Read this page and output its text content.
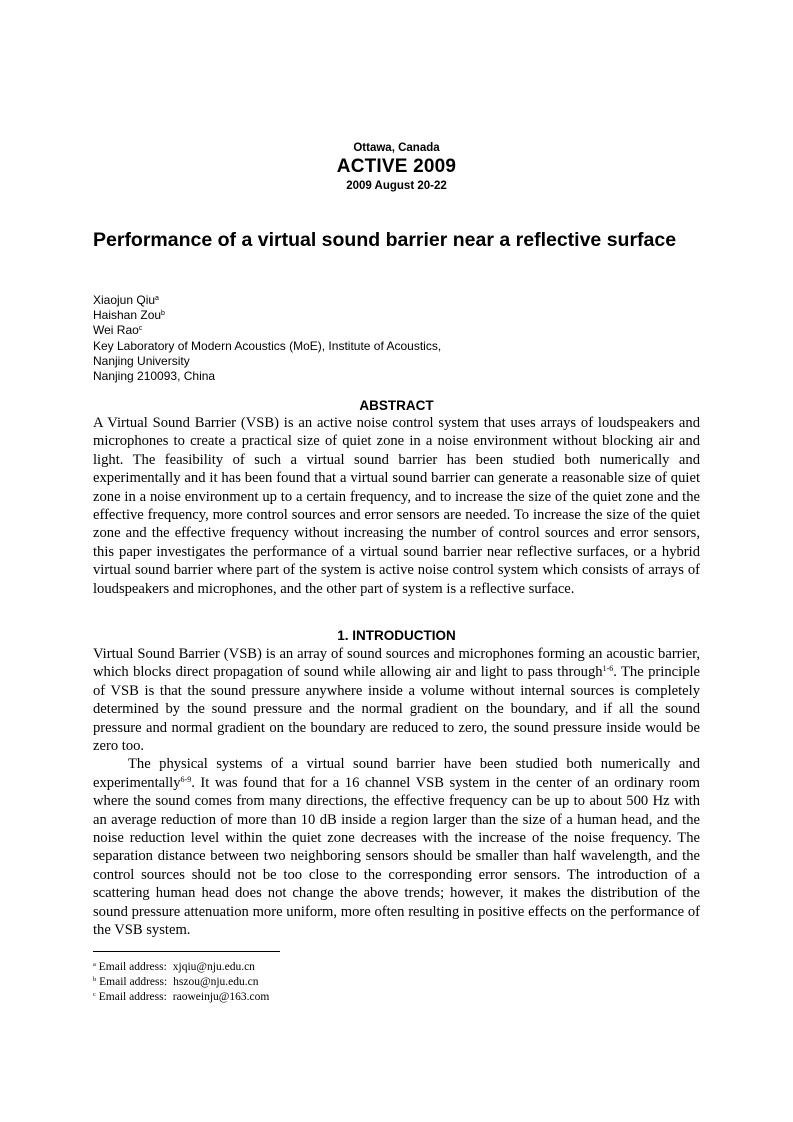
Ottawa, Canada
ACTIVE 2009
2009 August 20-22
Performance of a virtual sound barrier near a reflective surface
Xiaojun Qiu$^a$
Haishan Zou$^b$
Wei Rao$^c$
Key Laboratory of Modern Acoustics (MoE), Institute of Acoustics,
Nanjing University
Nanjing 210093, China
ABSTRACT

A Virtual Sound Barrier (VSB) is an active noise control system that uses arrays of loudspeakers and microphones to create a practical size of quiet zone in a noise environment without blocking air and light. The feasibility of such a virtual sound barrier has been studied both numerically and experimentally and it has been found that a virtual sound barrier can generate a reasonable size of quiet zone in a noise environment up to a certain frequency, and to increase the size of the quiet zone and the effective frequency, more control sources and error sensors are needed. To increase the size of the quiet zone and the effective frequency without increasing the number of control sources and error sensors, this paper investigates the performance of a virtual sound barrier near reflective surfaces, or a hybrid virtual sound barrier where part of the system is active noise control system which consists of arrays of loudspeakers and microphones, and the other part of system is a reflective surface.

1. INTRODUCTION

Virtual Sound Barrier (VSB) is an array of sound sources and microphones forming an acoustic barrier, which blocks direct propagation of sound while allowing air and light to pass through$^{1-6}$. The principle of VSB is that the sound pressure anywhere inside a volume without internal sources is completely determined by the sound pressure and the normal gradient on the boundary, and if all the sound pressure and normal gradient on the boundary are reduced to zero, the sound pressure inside would be zero too.

The physical systems of a virtual sound barrier have been studied both numerically and experimentally$^{6-9}$. It was found that for a 16 channel VSB system in the center of an ordinary room where the sound comes from many directions, the effective frequency can be up to about 500 Hz with an average reduction of more than 10 dB inside a region larger than the size of a human head, and the noise reduction level within the quiet zone decreases with the increase of the noise frequency. The separation distance between two neighboring sensors should be smaller than half wavelength, and the control sources should not be too close to the corresponding error sensors. The introduction of a scattering human head does not change the above trends; however, it makes the distribution of the sound pressure attenuation more uniform, more often resulting in positive effects on the performance of the VSB system.

$^a$ Email address: xjqiu@nju.edu.cn
$^b$ Email address: hszou@nju.edu.cn
$^c$ Email address: raoweinju@163.com
